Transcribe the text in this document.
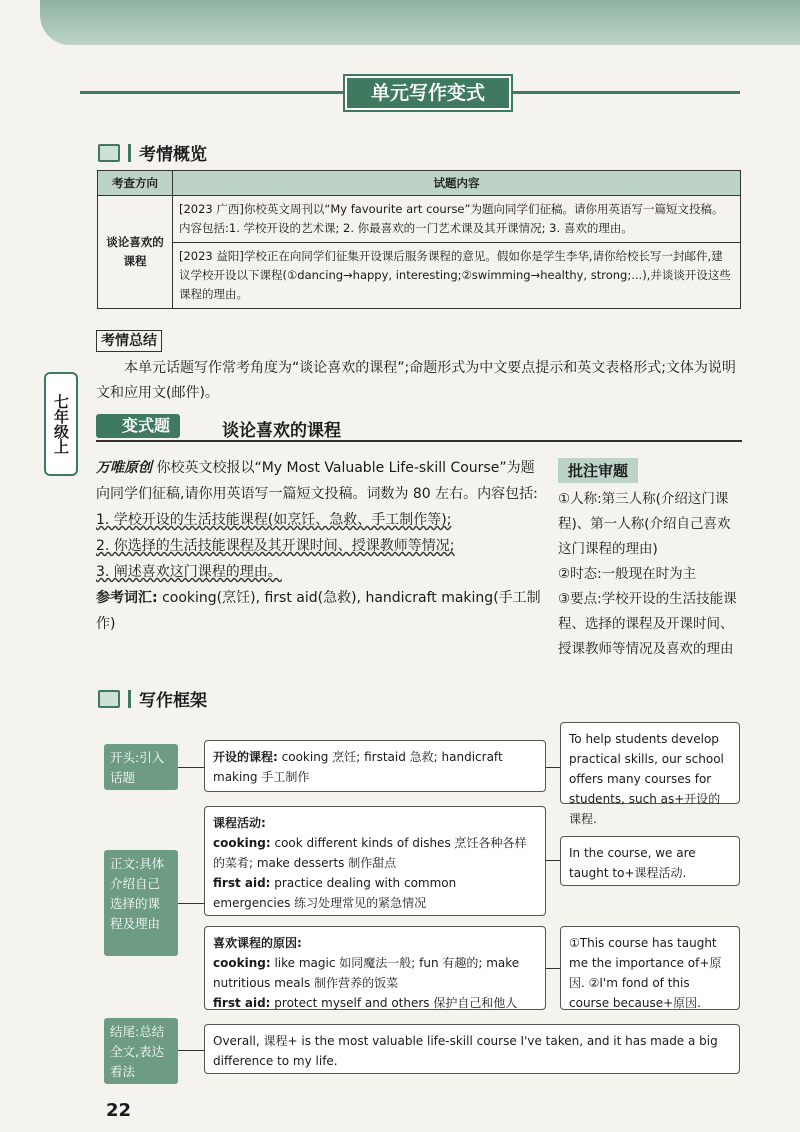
单元写作变式
考情概览
考查方向	试题内容
谈论喜欢的课程	[2023 广西]你校英文周刊以“My favourite art course”为题向同学们征稿。请你用英语写一篇短文投稿。内容包括:1. 学校开设的艺术课; 2. 你最喜欢的一门艺术课及其开课情况; 3. 喜欢的理由。
	[2023 益阳]学校正在向同学们征集开设课后服务课程的意见。假如你是学生李华,请你给校长写一封邮件,建议学校开设以下课程(①dancing→happy, interesting;②swimming→healthy, strong;...),并谈谈开设这些课程的理由。
考情总结
本单元话题写作常考角度为“谈论喜欢的课程”;命题形式为中文要点提示和英文表格形式;文体为说明文和应用文(邮件)。
七年级上	变式题	谈论喜欢的课程
万唯原创 你校英文校报以“My Most Valuable Life-skill Course”为题向同学们征稿,请你用英语写一篇短文投稿。词数为 80 左右。内容包括:
1. 学校开设的生活技能课程(如烹饪、急救、手工制作等);
2. 你选择的生活技能课程及其开课时间、授课教师等情况;
3. 阐述喜欢这门课程的理由。
参考词汇: cooking(烹饪), first aid(急救), handicraft making(手工制作)
批注审题
①人称:第三人称(介绍这门课程)、第一人称(介绍自己喜欢这门课程的理由)
②时态:一般现在时为主
③要点:学校开设的生活技能课程、选择的课程及开课时间、授课教师等情况及喜欢的理由
写作框架
开头:引入话题
开设的课程: cooking 烹饪; firstaid 急救; handicraft making 手工制作
To help students develop practical skills, our school offers many courses for students, such as+开设的课程.
正文:具体介绍自己选择的课程及理由
课程活动:
cooking: cook different kinds of dishes 烹饪各种各样的菜肴; make desserts 制作甜点
first aid: practice dealing with common emergencies 练习处理常见的紧急情况
In the course, we are taught to+课程活动.
喜欢课程的原因:
cooking: like magic 如同魔法一般; fun 有趣的; make nutritious meals 制作营养的饭菜
first aid: protect myself and others 保护自己和他人
①This course has taught me the importance of+原因. ②I'm fond of this course because+原因.
结尾:总结全文,表达看法
Overall, 课程+ is the most valuable life-skill course I've taken, and it has made a big difference to my life.
22
